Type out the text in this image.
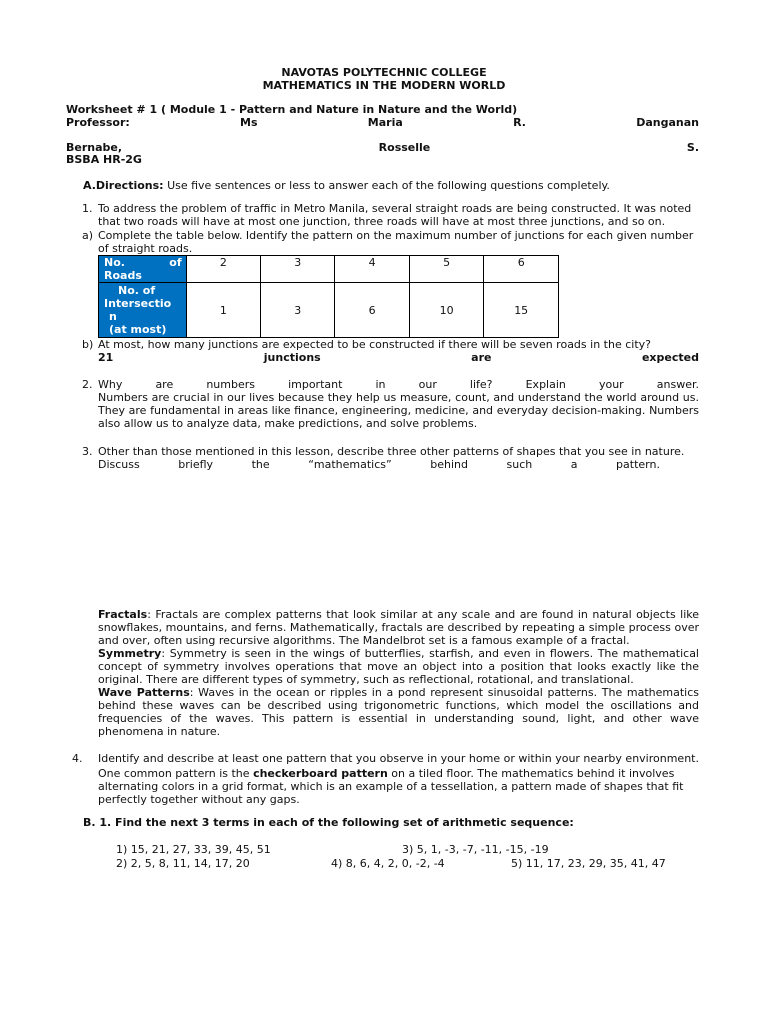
NAVOTAS POLYTECHNIC COLLEGE
MATHEMATICS IN THE MODERN WORLD
Worksheet # 1 ( Module 1 - Pattern and Nature in Nature and the World)
Professor:	Ms	Maria	R.	Danganan
Bernabe,	Rosselle	S.
BSBA HR-2G
A.Directions: Use five sentences or less to answer each of the following questions completely.
1. To address the problem of traffic in Metro Manila, several straight roads are being constructed. It was noted that two roads will have at most one junction, three roads will have at most three junctions, and so on.
a) Complete the table below. Identify the pattern on the maximum number of junctions for each given number of straight roads.
No. of
Roads	2	3	4	5	6

No. of
Intersectio
n
(at most)	1	3	6	10	15
b) At most, how many junctions are expected to be constructed if there will be seven roads in the city?
21	junctions	are	expected
2. Why are numbers important in our life? Explain your answer.
Numbers are crucial in our lives because they help us measure, count, and understand the world around us. They are fundamental in areas like finance, engineering, medicine, and everyday decision-making. Numbers also allow us to analyze data, make predictions, and solve problems.
3. Other than those mentioned in this lesson, describe three other patterns of shapes that you see in nature.
Discuss	briefly	the	“mathematics”	behind	such	a	pattern.

Fractals: Fractals are complex patterns that look similar at any scale and are found in natural objects like snowflakes, mountains, and ferns. Mathematically, fractals are described by repeating a simple process over and over, often using recursive algorithms. The Mandelbrot set is a famous example of a fractal.

Symmetry: Symmetry is seen in the wings of butterflies, starfish, and even in flowers. The mathematical concept of symmetry involves operations that move an object into a position that looks exactly like the original. There are different types of symmetry, such as reflectional, rotational, and translational.

Wave Patterns: Waves in the ocean or ripples in a pond represent sinusoidal patterns. The mathematics behind these waves can be described using trigonometric functions, which model the oscillations and frequencies of the waves. This pattern is essential in understanding sound, light, and other wave phenomena in nature.

4. Identify and describe at least one pattern that you observe in your home or within your nearby environment.
One common pattern is the checkerboard pattern on a tiled floor. The mathematics behind it involves alternating colors in a grid format, which is an example of a tessellation, a pattern made of shapes that fit perfectly together without any gaps.
B. 1. Find the next 3 terms in each of the following set of arithmetic sequence:
1) 15, 21, 27, 33, 39, 45, 51	3) 5, 1, -3, -7, -11, -15, -19
2) 2, 5, 8, 11, 14, 17, 20	4) 8, 6, 4, 2, 0, -2, -4	5) 11, 17, 23, 29, 35, 41, 47
